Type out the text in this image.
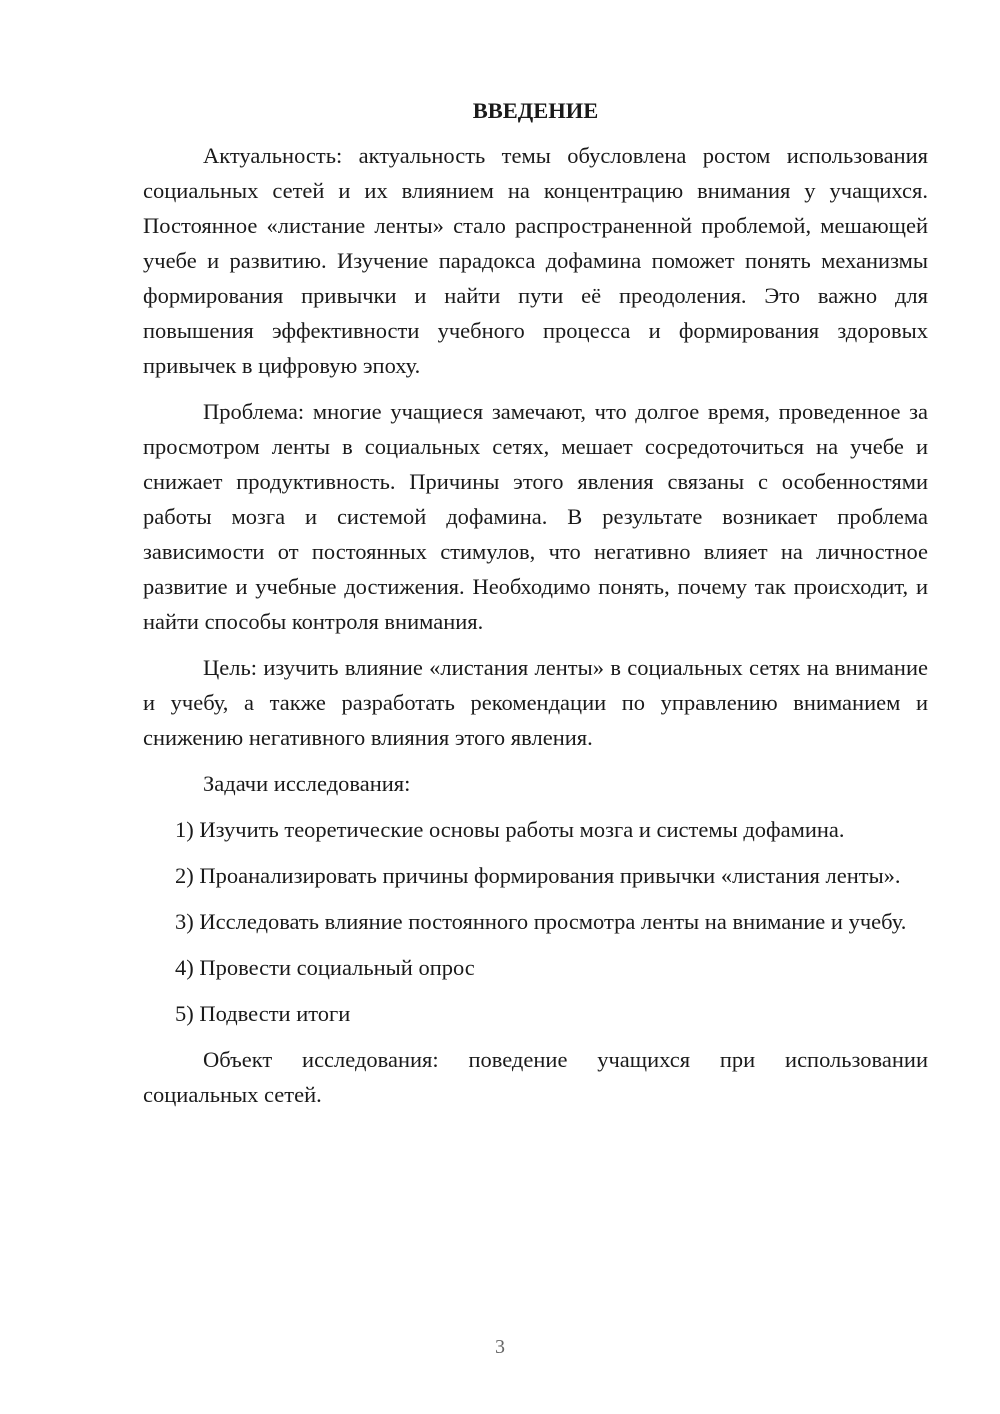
ВВЕДЕНИЕ

Актуальность: актуальность темы обусловлена ростом использования социальных сетей и их влиянием на концентрацию внимания у учащихся. Постоянное «листание ленты» стало распространенной проблемой, мешающей учебе и развитию. Изучение парадокса дофамина поможет понять механизмы формирования привычки и найти пути её преодоления. Это важно для повышения эффективности учебного процесса и формирования здоровых привычек в цифровую эпоху.

Проблема: многие учащиеся замечают, что долгое время, проведенное за просмотром ленты в социальных сетях, мешает сосредоточиться на учебе и снижает продуктивность. Причины этого явления связаны с особенностями работы мозга и системой дофамина. В результате возникает проблема зависимости от постоянных стимулов, что негативно влияет на личностное развитие и учебные достижения. Необходимо понять, почему так происходит, и найти способы контроля внимания.

Цель: изучить влияние «листания ленты» в социальных сетях на внимание и учебу, а также разработать рекомендации по управлению вниманием и снижению негативного влияния этого явления.

Задачи исследования:

1) Изучить теоретические основы работы мозга и системы дофамина.

2) Проанализировать причины формирования привычки «листания ленты».

3) Исследовать влияние постоянного просмотра ленты на внимание и учебу.

4) Провести социальный опрос

5) Подвести итоги

Объект исследования: поведение учащихся при использовании социальных сетей.

3
